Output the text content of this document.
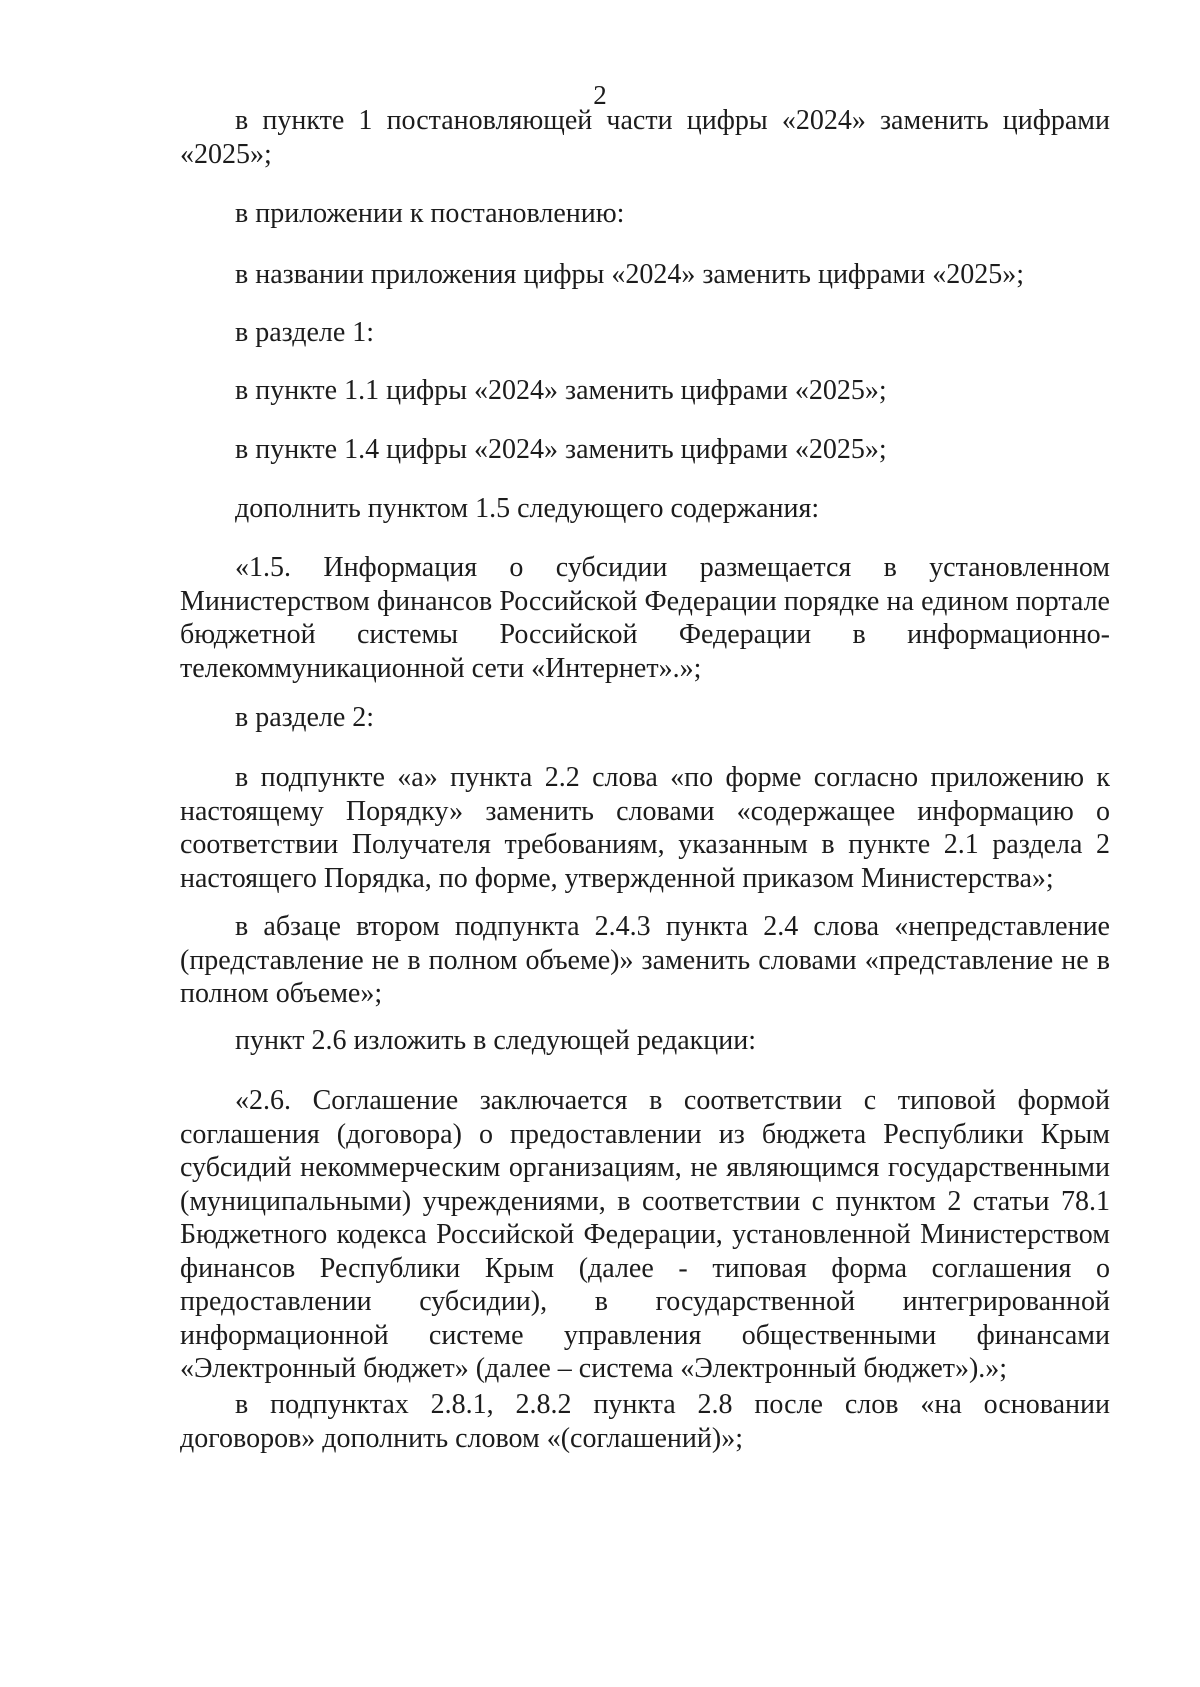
2

в пункте 1 постановляющей части цифры «2024» заменить цифрами «2025»;

в приложении к постановлению:

в названии приложения цифры «2024» заменить цифрами «2025»;

в разделе 1:

в пункте 1.1 цифры «2024» заменить цифрами «2025»;

в пункте 1.4 цифры «2024» заменить цифрами «2025»;

дополнить пунктом 1.5 следующего содержания:

«1.5. Информация о субсидии размещается в установленном Министерством финансов Российской Федерации порядке на едином портале бюджетной системы Российской Федерации в информационно-телекоммуникационной сети «Интернет».»;

в разделе 2:

в подпункте «а» пункта 2.2 слова «по форме согласно приложению к настоящему Порядку» заменить словами «содержащее информацию о соответствии Получателя требованиям, указанным в пункте 2.1 раздела 2 настоящего Порядка, по форме, утвержденной приказом Министерства»;

в абзаце втором подпункта 2.4.3 пункта 2.4 слова «непредставление (представление не в полном объеме)» заменить словами «представление не в полном объеме»;

пункт 2.6 изложить в следующей редакции:

«2.6. Соглашение заключается в соответствии с типовой формой соглашения (договора) о предоставлении из бюджета Республики Крым субсидий некоммерческим организациям, не являющимся государственными (муниципальными) учреждениями, в соответствии с пунктом 2 статьи 78.1 Бюджетного кодекса Российской Федерации, установленной Министерством финансов Республики Крым (далее - типовая форма соглашения о предоставлении субсидии), в государственной интегрированной информационной системе управления общественными финансами «Электронный бюджет» (далее – система «Электронный бюджет»).»;

в подпунктах 2.8.1, 2.8.2 пункта 2.8 после слов «на основании договоров» дополнить словом «(соглашений)»;
